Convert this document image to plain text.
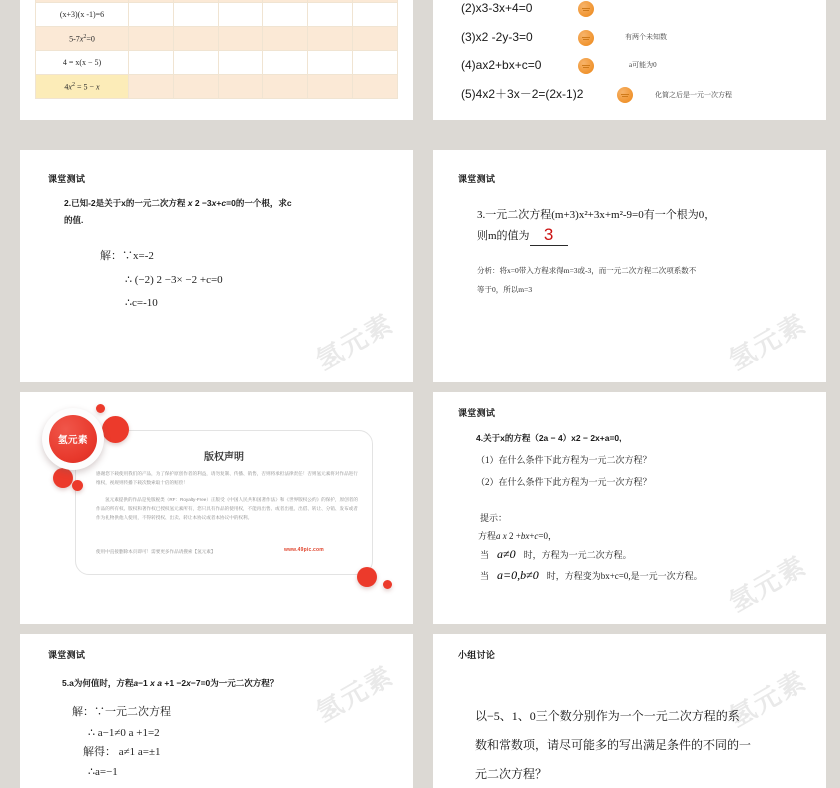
(x+3)(x -1)=6						
$5-7x^2=0$						
4 = x(x − 5)						
$4x^2 = 5 - x$						
(2)x3-3x+4=0
(3)x2 -2y-3=0	有两个未知数
(4)ax2+bx+c=0	a可能为0
(5)4x2＋3x－2=(2x-1)2	化简之后是一元一次方程
氢元素
课堂测试
2.已知-2是关于x的一元二次方程 x 2 −3x+c=0的一个根，求c
的值.
解：∵x=-2
∴ (−2) 2 −3× −2 +c=0
∴c=-10
氢元素
课堂测试
3.一元二次方程(m+3)x²+3x+m²-9=0有一个根为0，
则m的值为 3
分析：将x=0带入方程求得m=3或-3，而一元二次方程二次项系数不
等于0，所以m=3
版权声明
感谢您下载使用我们的产品，为了保护原创作者的利益，请勿复制、传播、销售，否则将承担法律责任！否则氢元素将对作品进行维权，视规则传播下载次数索取十倍的赔偿！
氢元素提供的作品是免版税类（RF：Royalty-Free）正版受《中国人民共和国著作法》和《世界版权公约》的保护，原创者的作品的所有权、版权和著作权已授权氢元素所有，您只具有作品的使用权，不能再出售、或者出租、出借、转让、分销、发布或者作为礼物供他人使用，不得转授权、出卖、转让本协议或者本协议中的权利。
使用中直接删除本页即可！需要更多作品请搜索【氢元素】	www.49pic.com
氢元素
氢元素
课堂测试
4.关于x的方程（2a − 4）x2 − 2x+a=0,
（1）在什么条件下此方程为一元二次方程？
（2）在什么条件下此方程为一元一次方程？
提示：
方程a x 2 +bx+c=0，
当 a≠0 时，方程为一元二次方程。
当 a=0,b≠0 时，方程变为bx+c=0,是一元一次方程。
氢元素
课堂测试
5.a为何值时，方程a−1 x a +1 −2x−7=0为一元二次方程？
解：∵一元二次方程
∴ a−1≠0 a +1=2
解得： a≠1 a=±1
∴a=−1
氢元素
小组讨论
以−5、1、0三个数分别作为一个一元二次方程的系
数和常数项，请尽可能多的写出满足条件的不同的一
元二次方程？
